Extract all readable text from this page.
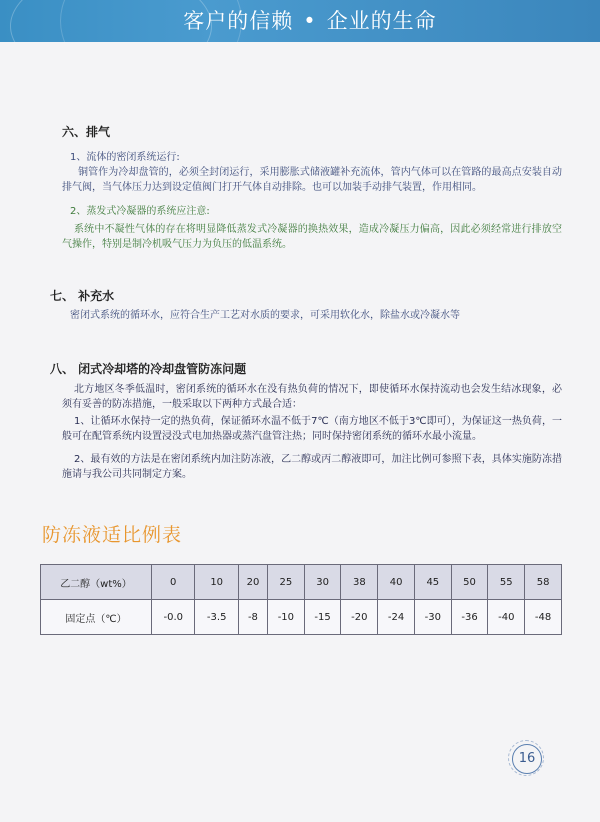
客户的信赖 • 企业的生命
六、排气
1、流体的密闭系统运行:
铜管作为冷却盘管的，必须全封闭运行，采用膨胀式储液罐补充流体，管内气体可以在管路的最高点安装自动排气阀，当气体压力达到设定值阀门打开气体自动排除。也可以加装手动排气装置，作用相同。
2、蒸发式冷凝器的系统应注意:
系统中不凝性气体的存在将明显降低蒸发式冷凝器的换热效果，造成冷凝压力偏高，因此必须经常进行排放空气操作，特别是制冷机吸气压力为负压的低温系统。
七、 补充水
密闭式系统的循环水，应符合生产工艺对水质的要求，可采用软化水，除盐水或冷凝水等
八、 闭式冷却塔的冷却盘管防冻问题
北方地区冬季低温时，密闭系统的循环水在没有热负荷的情况下，即使循环水保持流动也会发生结冰现象，必须有妥善的防冻措施，一般采取以下两种方式最合适：
1、让循环水保持一定的热负荷，保证循环水温不低于7℃（南方地区不低于3℃即可），为保证这一热负荷，一般可在配管系统内设置浸没式电加热器或蒸汽盘管注热；同时保持密闭系统的循环水最小流量。
2、最有效的方法是在密闭系统内加注防冻液，乙二醇或丙二醇液即可，加注比例可参照下表，具体实施防冻措施请与我公司共同制定方案。
防冻液适比例表
乙二醇（wt%）	0	10	20	25	30	38	40	45	50	55	58
固定点（℃）	-0.0	-3.5	-8	-10	-15	-20	-24	-30	-36	-40	-48
16
